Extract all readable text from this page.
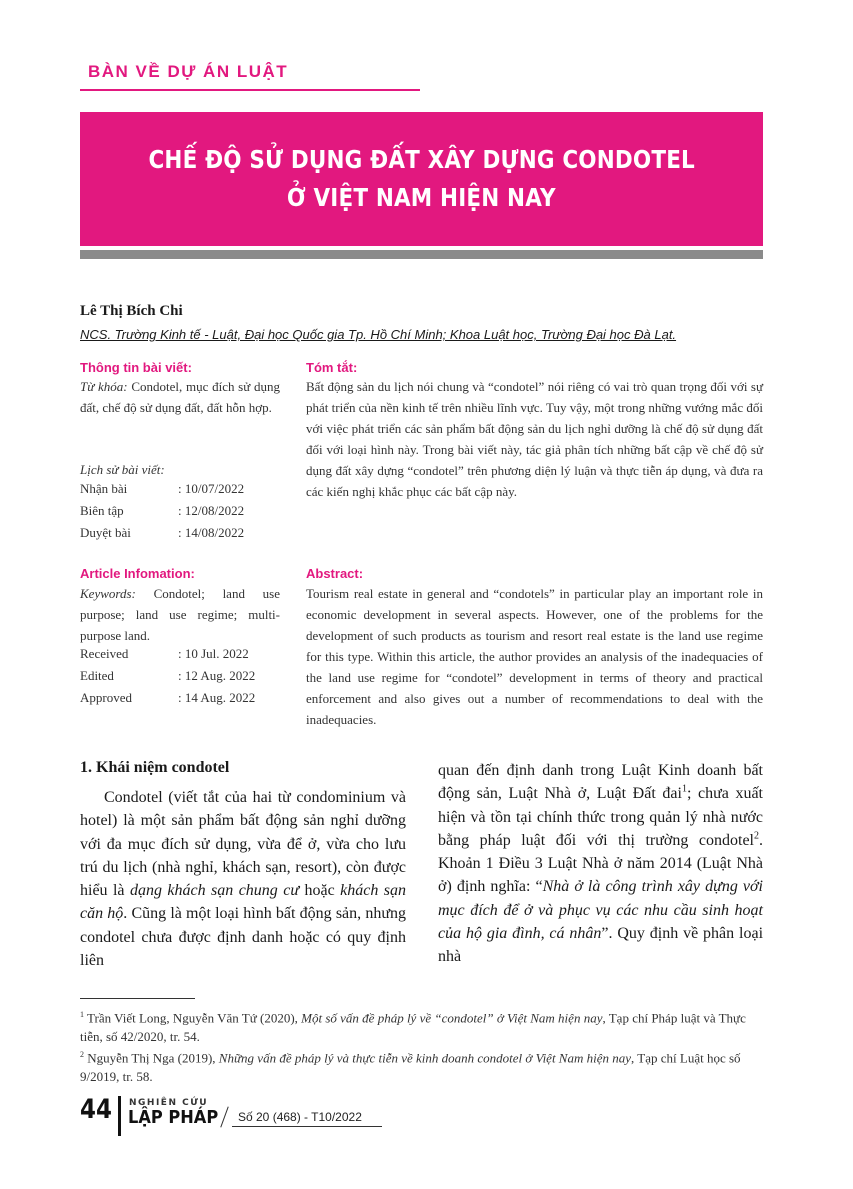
BÀN VỀ DỰ ÁN LUẬT
CHẾ ĐỘ SỬ DỤNG ĐẤT XÂY DỰNG CONDOTEL
Ở VIỆT NAM HIỆN NAY
Lê Thị Bích Chi
NCS. Trường Kinh tế - Luật, Đại học Quốc gia Tp. Hồ Chí Minh; Khoa Luật học, Trường Đại học Đà Lạt.
Thông tin bài viết:
Từ khóa: Condotel, mục đích sử dụng đất, chế độ sử dụng đất, đất hỗn hợp.
Lịch sử bài viết:
Nhận bài	: 10/07/2022
Biên tập	: 12/08/2022
Duyệt bài	: 14/08/2022
Tóm tắt:
Bất động sản du lịch nói chung và “condotel” nói riêng có vai trò quan trọng đối với sự phát triển của nền kinh tế trên nhiều lĩnh vực. Tuy vậy, một trong những vướng mắc đối với việc phát triển các sản phẩm bất động sản du lịch nghỉ dưỡng là chế độ sử dụng đất đối với loại hình này. Trong bài viết này, tác giả phân tích những bất cập về chế độ sử dụng đất xây dựng “condotel” trên phương diện lý luận và thực tiễn áp dụng, và đưa ra các kiến nghị khắc phục các bất cập này.
Article Infomation:
Keywords: Condotel; land use purpose; land use regime; multi-purpose land.
Received	: 10 Jul. 2022
Edited	: 12 Aug. 2022
Approved	: 14 Aug. 2022
Abstract:
Tourism real estate in general and “condotels” in particular play an important role in economic development in several aspects. However, one of the problems for the development of such products as tourism and resort real estate is the land use regime for this type. Within this article, the author provides an analysis of the inadequacies of the land use regime for “condotel” development in terms of theory and practical enforcement and also gives out a number of recommendations to deal with the inadequacies.
1. Khái niệm condotel
Condotel (viết tắt của hai từ condominium và hotel) là một sản phẩm bất động sản nghỉ dưỡng với đa mục đích sử dụng, vừa để ở, vừa cho lưu trú du lịch (nhà nghỉ, khách sạn, resort), còn được hiểu là dạng khách sạn chung cư hoặc khách sạn căn hộ. Cũng là một loại hình bất động sản, nhưng condotel chưa được định danh hoặc có quy định liên
quan đến định danh trong Luật Kinh doanh bất động sản, Luật Nhà ở, Luật Đất đai$^1$; chưa xuất hiện và tồn tại chính thức trong quản lý nhà nước bằng pháp luật đối với thị trường condotel$^2$. Khoản 1 Điều 3 Luật Nhà ở năm 2014 (Luật Nhà ở) định nghĩa: “Nhà ở là công trình xây dựng với mục đích để ở và phục vụ các nhu cầu sinh hoạt của hộ gia đình, cá nhân”. Quy định về phân loại nhà
$^1$ Trần Viết Long, Nguyễn Văn Tứ (2020), Một số vấn đề pháp lý về “condotel” ở Việt Nam hiện nay, Tạp chí Pháp luật và Thực tiễn, số 42/2020, tr. 54.
$^2$ Nguyễn Thị Nga (2019), Những vấn đề pháp lý và thực tiễn về kinh doanh condotel ở Việt Nam hiện nay, Tạp chí Luật học số 9/2019, tr. 58.
44 NGHIÊN CỨU
LẬP PHÁP Số 20 (468) - T10/2022
